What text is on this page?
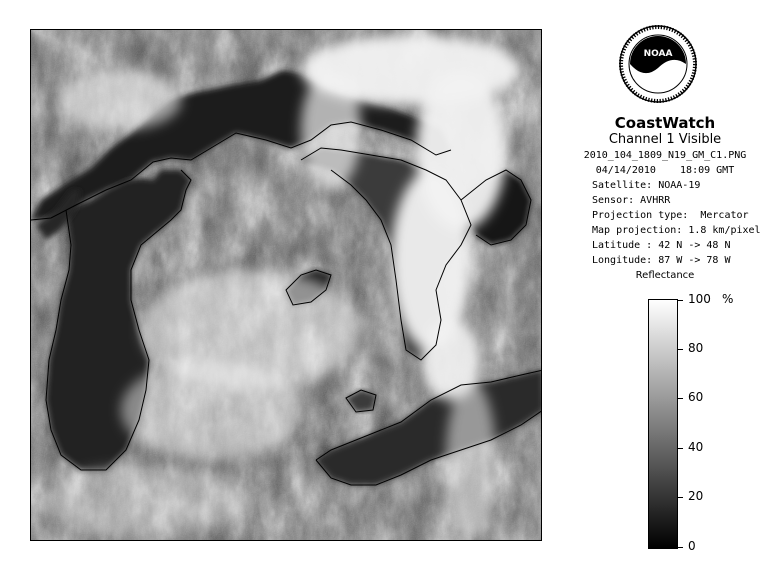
NOAA
CoastWatch
Channel 1 Visible
2010_104_1809_N19_GM_C1.PNG
04/14/2010    18:09 GMT
Satellite: NOAA-19
Sensor: AVHRR
Projection type:  Mercator
Map projection: 1.8 km/pixel
Latitude : 42 N -> 48 N
Longitude: 87 W -> 78 W
Reflectance
%
100
80
60
40
20
0
